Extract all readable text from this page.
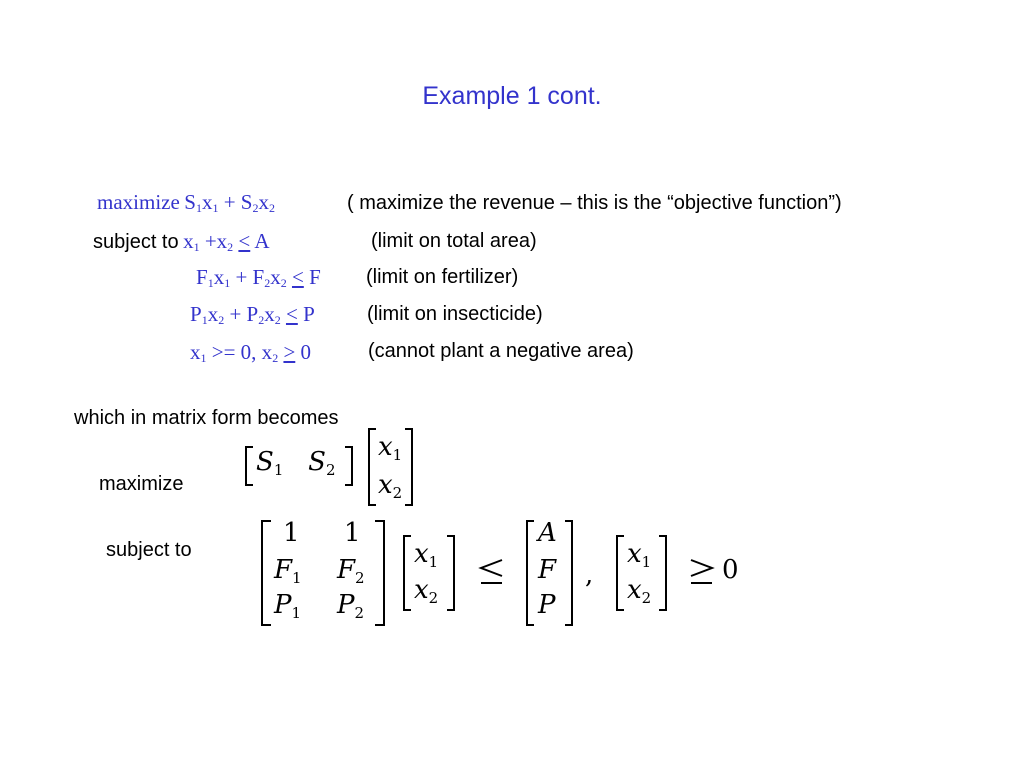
Example 1 cont.
maximize $S_1x_1 + S_2x_2$	( maximize the revenue – this is the “objective function”)
subject to $x_1 +x_2 < A$	(limit on total area)
$F_1x_1 + F_2x_2 < F$ (limit on fertilizer)
$P_1x_2 + P_2x_2 < P$	(limit on insecticide)
$x_1 >= 0$, $x_2 > 0$	(cannot plant a negative area)
which in matrix form becomes
maximize
subject to
$S_1$   $S_2$
x1
x2
1 1
$F_1$ $F_2$
$P_1$ $P_2$
x1
x2
A
F
P
,
x1
x2
0
